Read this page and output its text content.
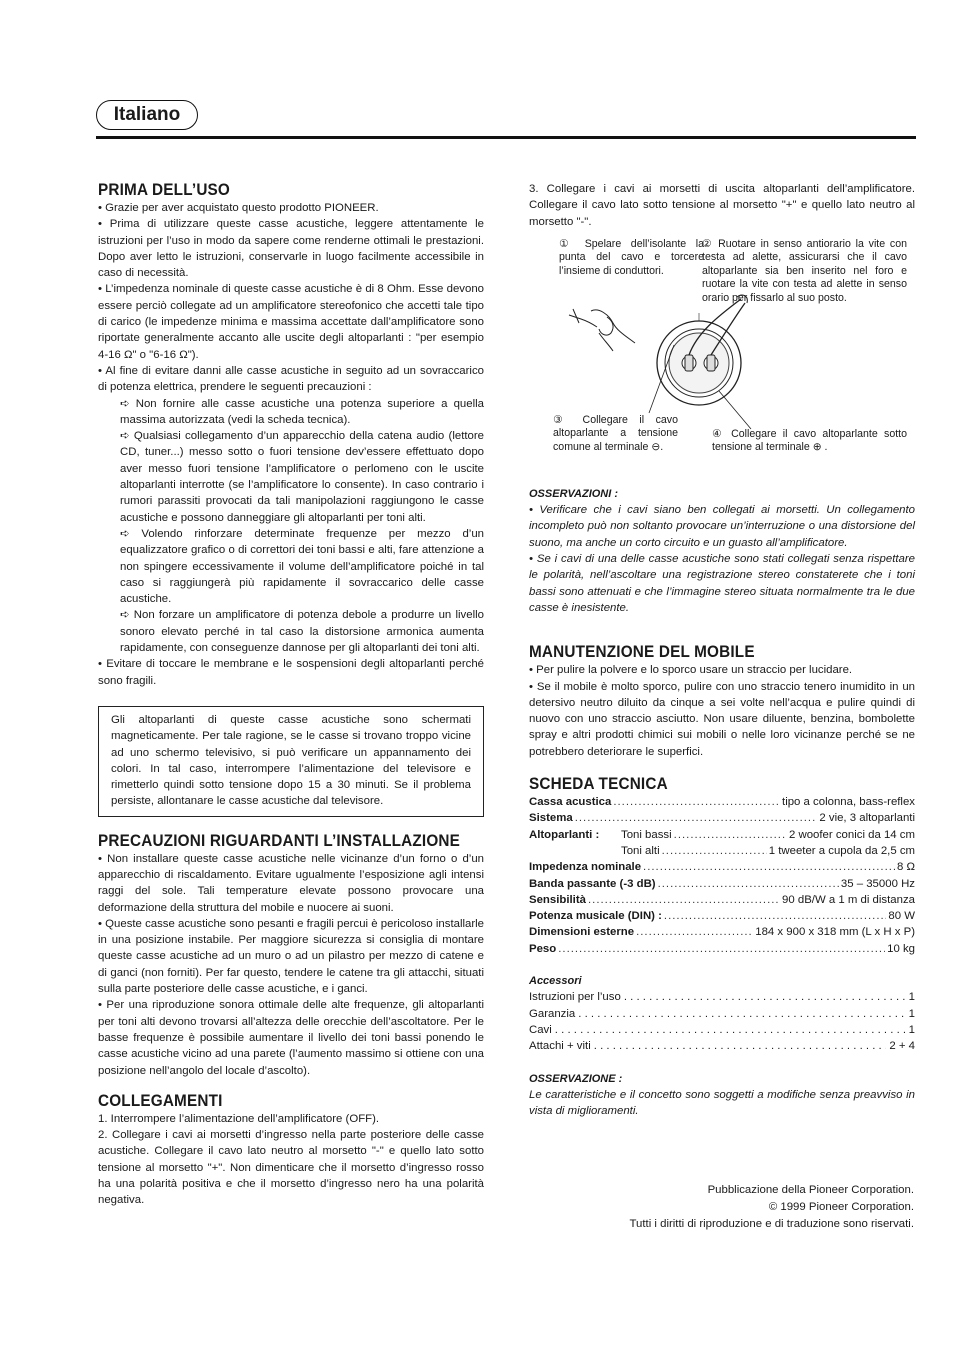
Italiano
PRIMA DELL’USO

• Grazie per aver acquistato questo prodotto PIONEER.

• Prima di utilizzare queste casse acustiche, leggere attentamente le istruzioni per l’uso in modo da sapere come renderne ottimali le prestazioni. Dopo aver letto le istruzioni, conservarle in luogo facilmente accessibile in caso di necessità.

• L’impedenza nominale di queste casse acustiche è di 8 Ohm. Esse devono essere perciò collegate ad un amplificatore stereofonico che accetti tale tipo di carico (le impedenze minima e massima accettate dall’amplificatore sono riportate generalmente accanto alle uscite degli altoparlanti : "per esempio 4-16 Ω" o "6-16 Ω").

• Al fine di evitare danni alle casse acustiche in seguito ad un sovraccarico di potenza elettrica, prendere le seguenti precauzioni :

➪ Non fornire alle casse acustiche una potenza superiore a quella massima autorizzata (vedi la scheda tecnica).

➪ Qualsiasi collegamento d’un apparecchio della catena audio (lettore CD, tuner...) messo sotto o fuori tensione dev’essere effettuato dopo aver messo fuori tensione l’amplificatore o perlomeno con le uscite altoparlanti interrotte (se l’amplificatore lo consente). In caso contrario i rumori parassiti provocati da tali manipolazioni raggiungono le casse acustiche e possono danneggiare gli altoparlanti per toni alti.

➪ Volendo rinforzare determinate frequenze per mezzo d’un equalizzatore grafico o di correttori dei toni bassi e alti, fare attenzione a non spingere eccessivamente il volume dell’amplificatore poiché in tal caso si raggiungerà più rapidamente il sovraccarico delle casse acustiche.

➪ Non forzare un amplificatore di potenza debole a produrre un livello sonoro elevato perché in tal caso la distorsione armonica aumenta rapidamente, con conseguenze dannose per gli altoparlanti dei toni alti.

• Evitare di toccare le membrane e le sospensioni degli altoparlanti perché sono fragili.

Gli altoparlanti di queste casse acustiche sono schermati magneticamente. Per tale ragione, se le casse si trovano troppo vicine ad uno schermo televisivo, si può verificare un appannamento dei colori. In tal caso, interrompere l’alimentazione del televisore e rimetterlo quindi sotto tensione dopo 15 a 30 minuti. Se il problema persiste, allontanare le casse acustiche dal televisore.

PRECAUZIONI RIGUARDANTI L’INSTALLAZIONE

• Non installare queste casse acustiche nelle vicinanze d’un forno o d’un apparecchio di riscaldamento. Evitare ugualmente l’esposizione agli intensi raggi del sole. Tali temperature elevate possono provocare una deformazione della struttura del mobile e nuocere ai suoni.

• Queste casse acustiche sono pesanti e fragili percui è pericoloso installarle in una posizione instabile. Per maggiore sicurezza si consiglia di montare queste casse acustiche ad un muro o ad un pilastro per mezzo di catene e di ganci (non forniti). Per far questo, tendere le catene tra gli attacchi, situati sulla parte posteriore delle casse acustiche, e i ganci.

• Per una riproduzione sonora ottimale delle alte frequenze, gli altoparlanti per toni alti devono trovarsi all’altezza delle orecchie dell’ascoltatore. Per le basse frequenze è possibile aumentare il livello dei toni bassi ponendo le casse acustiche vicino ad una parete (l’aumento massimo si ottiene con una posizione nell’angolo del locale d’ascolto).

COLLEGAMENTI

1. Interrompere l’alimentazione dell’amplificatore (OFF).

2. Collegare i cavi ai morsetti d’ingresso nella parte posteriore delle casse acustiche. Collegare il cavo lato neutro al morsetto "-" e quello lato sotto tensione al morsetto "+". Non dimenticare che il morsetto d’ingresso rosso ha una polarità positiva e che il morsetto d’ingresso nero ha una polarità negativa.

3. Collegare i cavi ai morsetti di uscita altoparlanti dell’amplificatore. Collegare il cavo lato sotto tensione al morsetto "+" e quello lato neutro al morsetto "-".

① Spelare dell’isolante la punta del cavo e torcere l’insieme di conduttori.
② Ruotare in senso antiorario la vite con testa ad alette, assicurarsi che il cavo altoparlante sia ben inserito nel foro e ruotare la vite con testa ad alette in senso orario per fissarlo al suo posto.
③ Collegare il cavo altoparlante a tensione comune al terminale ⊖.
④ Collegare il cavo altoparlante sotto tensione al terminale ⊕ .

OSSERVAZIONI :

• Verificare che i cavi siano ben collegati ai morsetti. Un collegamento incompleto può non soltanto provocare un’interruzione o una distorsione del suono, ma anche un corto circuito e un guasto all’amplificatore.

• Se i cavi di una delle casse acustiche sono stati collegati senza rispettare le polarità, nell’ascoltare una registrazione stereo constaterete che i toni bassi sono attenuati e che l’immagine stereo situata normalmente tra le due casse è inesistente.

MANUTENZIONE DEL MOBILE

• Per pulire la polvere e lo sporco usare un straccio per lucidare.

• Se il mobile è molto sporco, pulire con uno straccio tenero inumidito in un detersivo neutro diluito da cinque a sei volte nell’acqua e pulire quindi di nuovo con uno straccio asciutto. Non usare diluente, benzina, bombolette spray e altri prodotti chimici sui mobili o nelle loro vicinanze perché se ne potrebbero deteriorare le superfici.

SCHEDA TECNICA
Cassa acustica .....	tipo a colonna, bass-reflex
Sistema .....	2 vie, 3 altoparlanti
Altoparlanti :	Toni bassi .....	2 woofer conici da 14 cm
Toni alti .....	1 tweeter a cupola da 2,5 cm
Impedenza nominale .....	8 Ω
Banda passante (-3 dB) .....	35 – 35000 Hz
Sensibilità .....	90 dB/W a 1 m di distanza
Potenza musicale (DIN) : .....	80 W
Dimensioni esterne .....	184 x 900 x 318 mm (L x H x P)
Peso .....	10 kg

Accessori

Istruzioni per l’uso . . .	1
Garanzia . . .	1
Cavi . . .	1
Attachi + viti . . .	2 + 4

OSSERVAZIONE :

Le caratteristiche e il concetto sono soggetti a modifiche senza preavviso in vista di miglioramenti.

Pubblicazione della Pioneer Corporation.
© 1999 Pioneer Corporation.
Tutti i diritti di riproduzione e di traduzione sono riservati.
